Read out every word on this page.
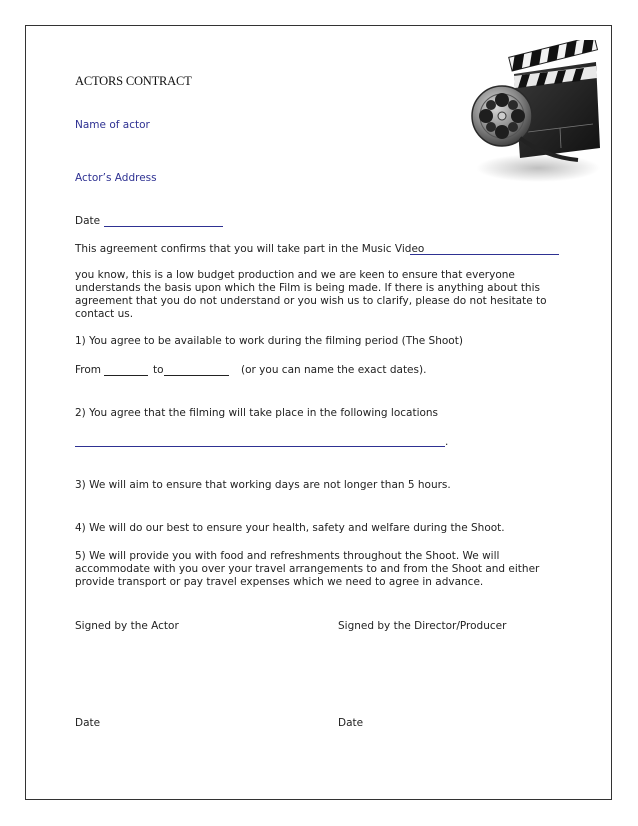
ACTORS CONTRACT
Name of actor
Actor’s Address
Date
This agreement confirms that you will take part in the Music Video
you know, this is a low budget production and we are keen to ensure that everyone understands the basis upon which the Film is being made. If there is anything about this agreement that you do not understand or you wish us to clarify, please do not hesitate to contact us.
1) You agree to be available to work during the filming period (The Shoot)
From	to	(or you can name the exact dates).
2) You agree that the filming will take place in the following locations
.
3) We will aim to ensure that working days are not longer than 5 hours.
4) We will do our best to ensure your health, safety and welfare during the Shoot.
5) We will provide you with food and refreshments throughout the Shoot. We will accommodate with you over your travel arrangements to and from the Shoot and either provide transport or pay travel expenses which we need to agree in advance.
Signed by the Actor	Signed by the Director/Producer
Date	Date
